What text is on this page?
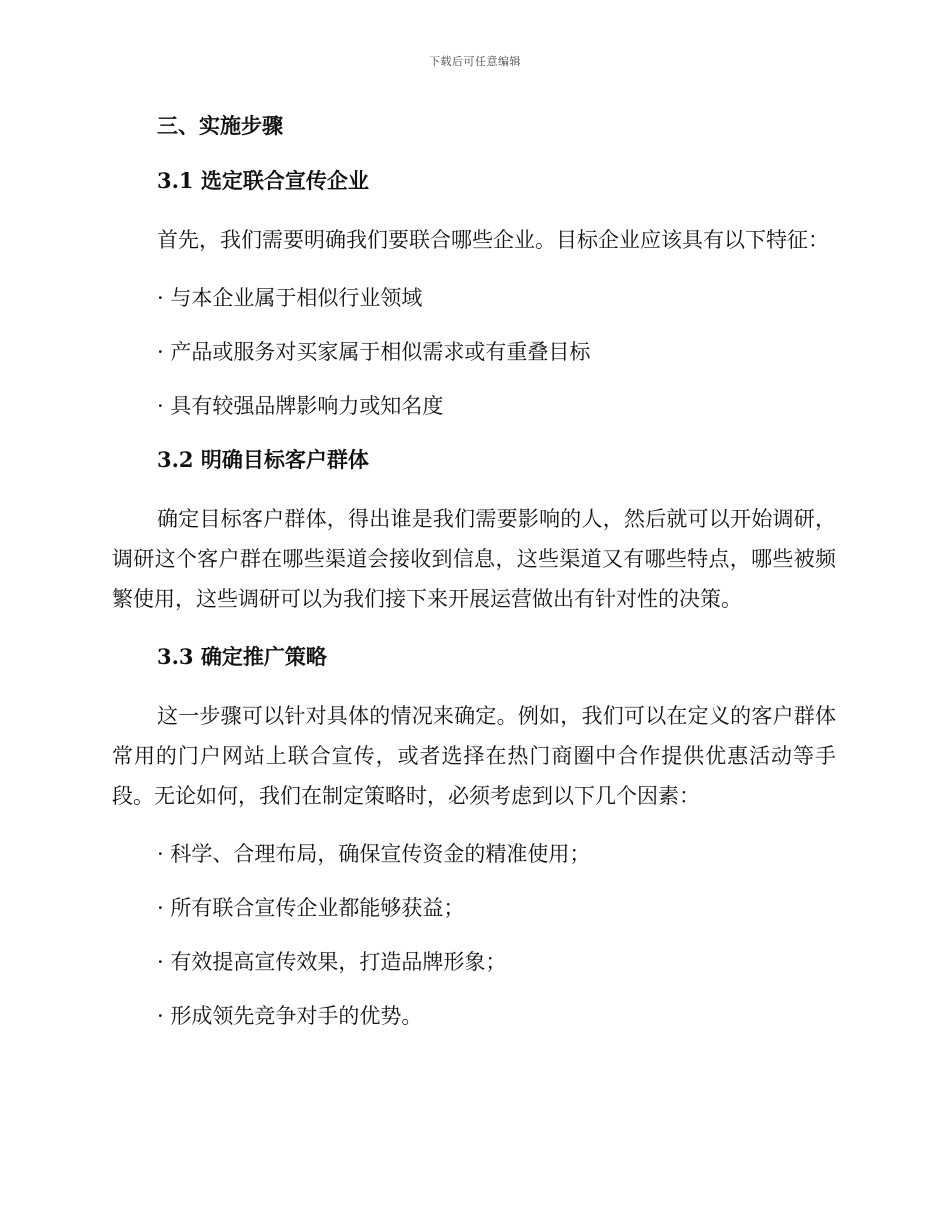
下载后可任意编辑
三、实施步骤
3.1 选定联合宣传企业

首先，我们需要明确我们要联合哪些企业。目标企业应该具有以下特征：

· 与本企业属于相似行业领域
· 产品或服务对买家属于相似需求或有重叠目标
· 具有较强品牌影响力或知名度
3.2 明确目标客户群体

确定目标客户群体，得出谁是我们需要影响的人，然后就可以开始调研，调研这个客户群在哪些渠道会接收到信息，这些渠道又有哪些特点，哪些被频繁使用，这些调研可以为我们接下来开展运营做出有针对性的决策。

3.3 确定推广策略

这一步骤可以针对具体的情况来确定。例如，我们可以在定义的客户群体常用的门户网站上联合宣传，或者选择在热门商圈中合作提供优惠活动等手段。无论如何，我们在制定策略时，必须考虑到以下几个因素：

· 科学、合理布局，确保宣传资金的精准使用；
· 所有联合宣传企业都能够获益；
· 有效提高宣传效果，打造品牌形象；
· 形成领先竞争对手的优势。
